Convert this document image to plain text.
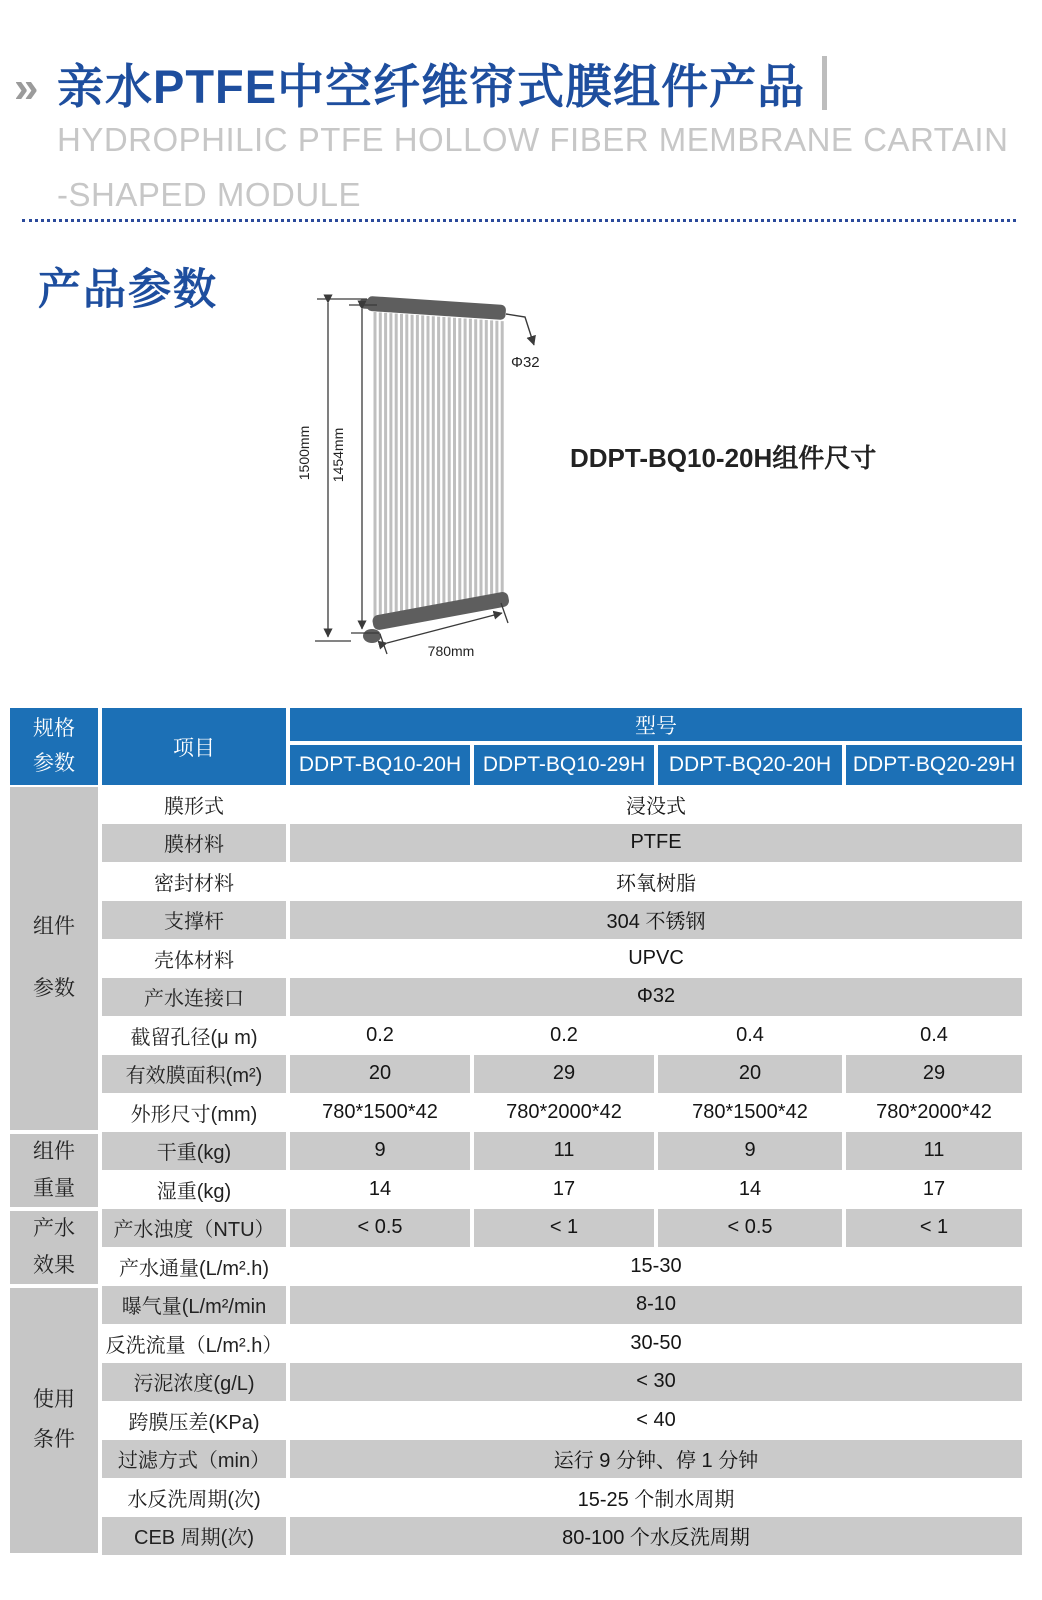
» 亲水PTFE中空纤维帘式膜组件产品
HYDROPHILIC PTFE HOLLOW FIBER MEMBRANE CARTAIN
-SHAPED MODULE
产品参数
Φ32
1500mm 1454mm
780mm
DDPT-BQ10-20H组件尺寸
规格
参数
项目
型号
DDPT-BQ10-20H	DDPT-BQ10-29H	DDPT-BQ20-20H	DDPT-BQ20-29H
组件
参数
组件
重量
产水
效果
使用
条件
膜形式	浸没式
膜材料	PTFE
密封材料	环氧树脂
支撑杆	304 不锈钢
壳体材料	UPVC
产水连接口	Φ32
截留孔径(μ m)	0.2	0.2	0.4	0.4
有效膜面积(m²)	20	29	20	29
外形尺寸(mm)	780*1500*42	780*2000*42	780*1500*42	780*2000*42
干重(kg)	9	11	9	11
湿重(kg)	14	17	14	17
产水浊度（NTU）	< 0.5	< 1	< 0.5	< 1
产水通量(L/m².h)	15-30
曝气量(L/m²/min	8-10
反洗流量（L/m².h）	30-50
污泥浓度(g/L)	< 30
跨膜压差(KPa)	< 40
过滤方式（min）	运行 9 分钟、停 1 分钟
水反洗周期(次)	15-25 个制水周期
CEB 周期(次)	80-100 个水反洗周期
